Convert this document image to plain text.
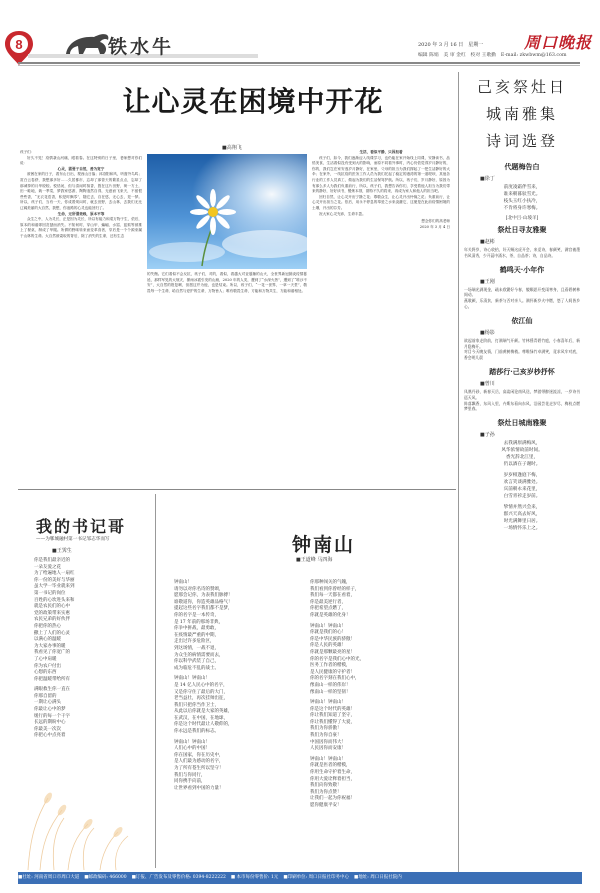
8	铁水牛	2020 年 3 月 16 日　星期一
编辑 陈娟　美 审 金红　校对 王歌勤　E-mail: zkwbwm@163.com
周口晚报
让心灵在困境中开花
■高翔飞
孩子们：
好久不见！疫情袭山河痛，眼看春。在这特别的日子里，老师想对你们说：
心灵，需要于自然，善为宽宁
被困在家的日子，看东山日出，观西山日落；沐浴阳和风，听窗外鸟鸣；赏白云卷舒，我想那多好……久居都市，忘却了那曾天的繁星点点，忘却了那诚挚的月华皎皎。悦恬闭，但与清闲时抹香，胜在这片田野，荷一方土，田一畦地，栽一季菜，梦我家悠游，陶陶逍然自得，无意而飞来天，不留恨些些香，“无衣花语香，积是时飘零”，随它去，自在悠，无心去，见一梦。所以，孩子们，当有一天，你成着烦闷时，就去田野，去山林，去我们无比辽阔美丽的大自然，我想，你迷路的心灵也能回归了。
生命，无所谓贵贱，原本平等
众生之中，人为灵长，正是因为灵长，所以有能力和逞万物于生，依后，原本的和谐即因贪婪而消失。不知何时，穿山甲、蝙蝠、水貂、蓝狐等被推上了餐桌，制成了华服。所谓的野味转来而变革食者，穿后是一个个源来属于山林的生命。大自然被索取的背后，除了消失的生命，还有生态
的失衡。它们看似不会反抗，孩子们，对的，看似，看越大对亚蔓藤的山火，全世界新冠肺炎疫情蔓延，那样军见的大规灾，暴雨冰雹引发的山崩，2020 年的人类，遭到了“水深火热”，遭到了“堆沙不安”，大自然的报复啊，但愿这并为他，也是结束。所以，孩子们，“一花一世界，一草一天堂”，敬畏每一个生命，给自然与爱护的生命，万物皆人；唯有敬畏生命，方能和万物共生，方能和谐相处。
生活，看似平静，只因担着
孩子们，如今，我们逐渐迈入线课学习，也仍能在家开始线上同课，安静读书，品悟美食，生活看似没有受到大的影响，而原不同看外事时，内心仍依觉得岁月静好的，你的，我们岂在家安逸岁月静好，在家里，父母的担当为我们撑起了一把生活静好的大伞；在家外，一线抗疫的医务工作人员为我们托起了稳定的港湾的第一道堤坝，其他各行业的工作人员真工，做起为我们的生活保驾护航。所以，孩子们，岁月静好，原因为有那么多人为我们负重前行，所以，孩子们，我想告诉你们，享受着他人担当为我们带来的静好，好好读书，锻炼本领，期待不久的将来，再成为家人和他人的担当吧。
回归自然，让心灵开出宁静之花；尊敬众生，让心灵开出怜悯之花；负重前行，让心灵开出担当之花。依后，用永不停息的奉爱之水来浇灌它，这便是在此前疫情困境的土壤，开出的芬芳。
祝大家心灵充沛，生命丰盈。
想念你们的高老师
2020 年 3 月 4 日
己亥祭灶日
城南雅集
诗词选登
代题梅告白
■徐丁
前度凌霜伴雪来，
谁来朝暮驮雪光。
枝头玉红小扶冷，
不肯将身许寒梅。
[北中吕·山坡羊]
祭灶日寻友雅聚
■赵彬
年关将岁，诗心收拾，好天赐这虎开会，来觅诗，春颜笑，满宫被墨书风清秀，少开蕊中涌水，茶，自品茶；诗，自品诗。
鹤鸣天·小年作
■王刚
一场瑞光满现金，疏未欣繁好今春，兢顺思开变雨寒身，且看碧树林间动。
燕歌颜，乐清贫，新茶与否对亲人。满怀新岁火中燃，悠了人间皆乡心。
依江仙
■杨影
欲起前家走阶前，打满瑞气开颜。竹林摇青碧竹庭，小春喜年后，新月隐梅开。
对目今天晚友情，门前黄树梅梢。尊唯绿竹卓满笑，竟求风牢对底，香会明几晨
踏莎行·己亥岁杪抒怀
■曾川
凤凰丹砂，新春天岳，高谈闲论南风送，梦游带醉迷流凉，一岁诗书巡天风。
阵落飘香，东风入里，卉斯东看向东风，沿园芸花走岁尽，梅枝点燃梦里春。
祭灶日城南雅聚
■子孙
去我满原满梅风，
风华浓情故前时间。
香光辞北江里，
仍以酒在子谢时。
岁岁相逢庭下梅，
欢言笑谈满雅处。
宾前朝永来花里，
白雪青衫走岁前。
挚情并然兴会来，
群兴天高去好风，
时光满舞里日居。
一场情怀乐上之。
我的书记哥
——为郸城融村第一书记邹志华而写
■王霁生
你是我们最亲近的
一朵友爱之花
为了给遍地人一扇红
你一份的美好与华丽
虽大学一毕业就来到
第一书记的岗位
百姓的心坎进头来和
就是农民们的心中
党的政策带来实惠
农民兄弟的好伙伴
你把你的热心
撒上了人们的心灵
以满心的温暖
为大家办事的暖
我看见了你宽广的
了心中肩暖
你为农户付出
心想的东西
你把温暖带给所有
满眼救生你一直在
你那自留的
一期让心满头
你最让心中的梦
缓行的每一个干字
长远的期盼中心
你最美一次次
你把心中点亮着
钟南山
■王道峰 马四海
钟南山！
请勿以对你名诗的赞颂，
愿那会记你，为表我们脉搏！
谁敬道你，你造英雄品格气！
提起这些名字我们都不是梦，
你的名字是一本传奇，
是 17 年前的那场非典，
你争中拼战，最勇敢，
在疫情最严重的中期，
走出过许多危险区，
到这场情，一战不退，
为众生的病情需要而去，
你以科学武装了自己，
成为临危不乱的战士。
钟南山！钟南山！
是 14 亿人民心中的名字，
又是你守住了最后的大门，
老当益壮，再次挂帅出征，
我们只把你当作卫士，
从此以后你就是大家的英雄，
在武汉，在中国，在地球，
你是这个时代最让人敬仰的，
你永远是我们的标志。
钟南山！钟南山！
人们心中的中国！
你在国家，你在历史中，
是人们最为感动的名字，
为了所有苍生所以坚守！
我们与你同行，
同你携手向前，
让世界看到中国的力量！
你那种闯关的气魄，
我们看到你曾经的样子，
我们每一天都在看着，
你是最美逆行者，
你把希望点燃了，
你就是英雄的化身！
钟南山！钟南山！
你就是我们的心！
你是中华民族的骄傲！
你是人民的英雄！
你就是那颗最亮的星！
你的名字是我们心中的光，
医务工作者的楷模，
是人民健康的守护者！
你的名字刻在我们心中，
像南山一样的伟岸！
像南山一样的坚韧！
钟南山！钟南山！
你是这个时代的英雄！
你让我们知道了坚守，
你让我们懂得了大爱，
我们为你骄傲！
我们为你自豪！
中国因你而伟大！
人民因你而安康！
钟南山！钟南山！
你就是医者的楷模，
你用生命守护着生命，
你用大爱诠释着担当，
我们向你致敬！
我们为你点赞！
让我们一起为你祝福！
愿你健康平安！
■社址: 河南省周口市周口大道 ■邮政编码: 466000 ■订报、广告发布及零售价格: 0394-8222222 ■ 本市每份零售价: 1元 ■印刷单位: 周口日报社印务中心 ■地址: 周口日报社院内
